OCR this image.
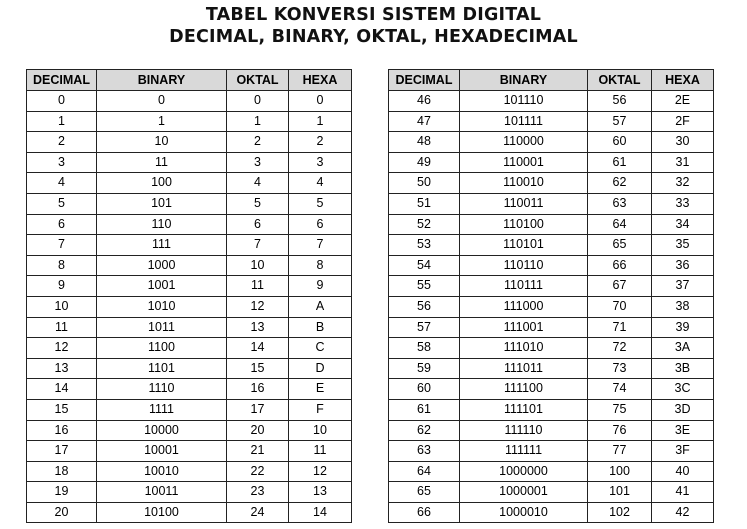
TABEL KONVERSI SISTEM DIGITAL
DECIMAL, BINARY, OKTAL, HEXADECIMAL
DECIMAL	BINARY	OKTAL	HEXA
0	0	0	0
1	1	1	1
2	10	2	2
3	11	3	3
4	100	4	4
5	101	5	5
6	110	6	6
7	111	7	7
8	1000	10	8
9	1001	11	9
10	1010	12	A
11	1011	13	B
12	1100	14	C
13	1101	15	D
14	1110	16	E
15	1111	17	F
16	10000	20	10
17	10001	21	11
18	10010	22	12
19	10011	23	13
20	10100	24	14
DECIMAL	BINARY	OKTAL	HEXA
46	101110	56	2E
47	101111	57	2F
48	110000	60	30
49	110001	61	31
50	110010	62	32
51	110011	63	33
52	110100	64	34
53	110101	65	35
54	110110	66	36
55	110111	67	37
56	111000	70	38
57	111001	71	39
58	111010	72	3A
59	111011	73	3B
60	111100	74	3C
61	111101	75	3D
62	111110	76	3E
63	111111	77	3F
64	1000000	100	40
65	1000001	101	41
66	1000010	102	42
